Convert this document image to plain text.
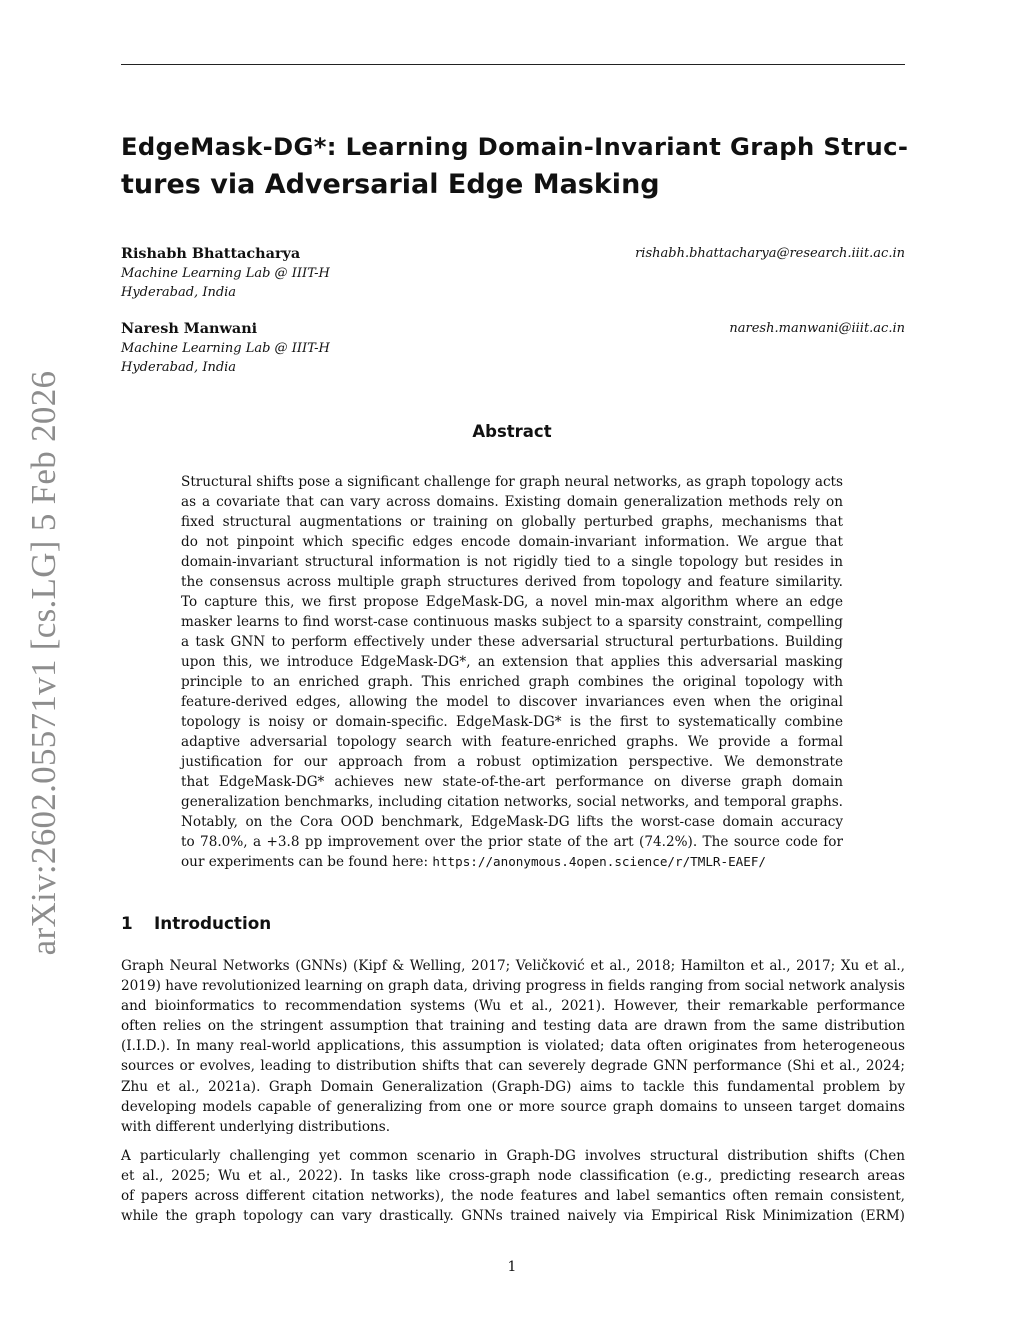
arXiv:2602.05571v1 [cs.LG] 5 Feb 2026
EdgeMask-DG*: Learning Domain-Invariant Graph Struc-
tures via Adversarial Edge Masking
Rishabh Bhattacharya	rishabh.bhattacharya@research.iiit.ac.in
Machine Learning Lab @ IIIT-H
Hyderabad, India
Naresh Manwani	naresh.manwani@iiit.ac.in
Machine Learning Lab @ IIIT-H
Hyderabad, India
Abstract
Structural shifts pose a significant challenge for graph neural networks, as graph topology acts
as a covariate that can vary across domains. Existing domain generalization methods rely on
fixed structural augmentations or training on globally perturbed graphs, mechanisms that
do not pinpoint which specific edges encode domain-invariant information. We argue that
domain-invariant structural information is not rigidly tied to a single topology but resides in
the consensus across multiple graph structures derived from topology and feature similarity.
To capture this, we first propose EdgeMask-DG, a novel min-max algorithm where an edge
masker learns to find worst-case continuous masks subject to a sparsity constraint, compelling
a task GNN to perform effectively under these adversarial structural perturbations. Building
upon this, we introduce EdgeMask-DG*, an extension that applies this adversarial masking
principle to an enriched graph. This enriched graph combines the original topology with
feature-derived edges, allowing the model to discover invariances even when the original
topology is noisy or domain-specific. EdgeMask-DG* is the first to systematically combine
adaptive adversarial topology search with feature-enriched graphs. We provide a formal
justification for our approach from a robust optimization perspective. We demonstrate
that EdgeMask-DG* achieves new state-of-the-art performance on diverse graph domain
generalization benchmarks, including citation networks, social networks, and temporal graphs.
Notably, on the Cora OOD benchmark, EdgeMask-DG lifts the worst-case domain accuracy
to 78.0%, a +3.8 pp improvement over the prior state of the art (74.2%). The source code for
our experiments can be found here: https://anonymous.4open.science/r/TMLR-EAEF/
1 Introduction
Graph Neural Networks (GNNs) (Kipf & Welling, 2017; Veličković et al., 2018; Hamilton et al., 2017; Xu et al.,
2019) have revolutionized learning on graph data, driving progress in fields ranging from social network analysis
and bioinformatics to recommendation systems (Wu et al., 2021). However, their remarkable performance
often relies on the stringent assumption that training and testing data are drawn from the same distribution
(I.I.D.). In many real-world applications, this assumption is violated; data often originates from heterogeneous
sources or evolves, leading to distribution shifts that can severely degrade GNN performance (Shi et al., 2024;
Zhu et al., 2021a). Graph Domain Generalization (Graph-DG) aims to tackle this fundamental problem by
developing models capable of generalizing from one or more source graph domains to unseen target domains
with different underlying distributions.
A particularly challenging yet common scenario in Graph-DG involves structural distribution shifts (Chen
et al., 2025; Wu et al., 2022). In tasks like cross-graph node classification (e.g., predicting research areas
of papers across different citation networks), the node features and label semantics often remain consistent,
while the graph topology can vary drastically. GNNs trained naively via Empirical Risk Minimization (ERM)
1
